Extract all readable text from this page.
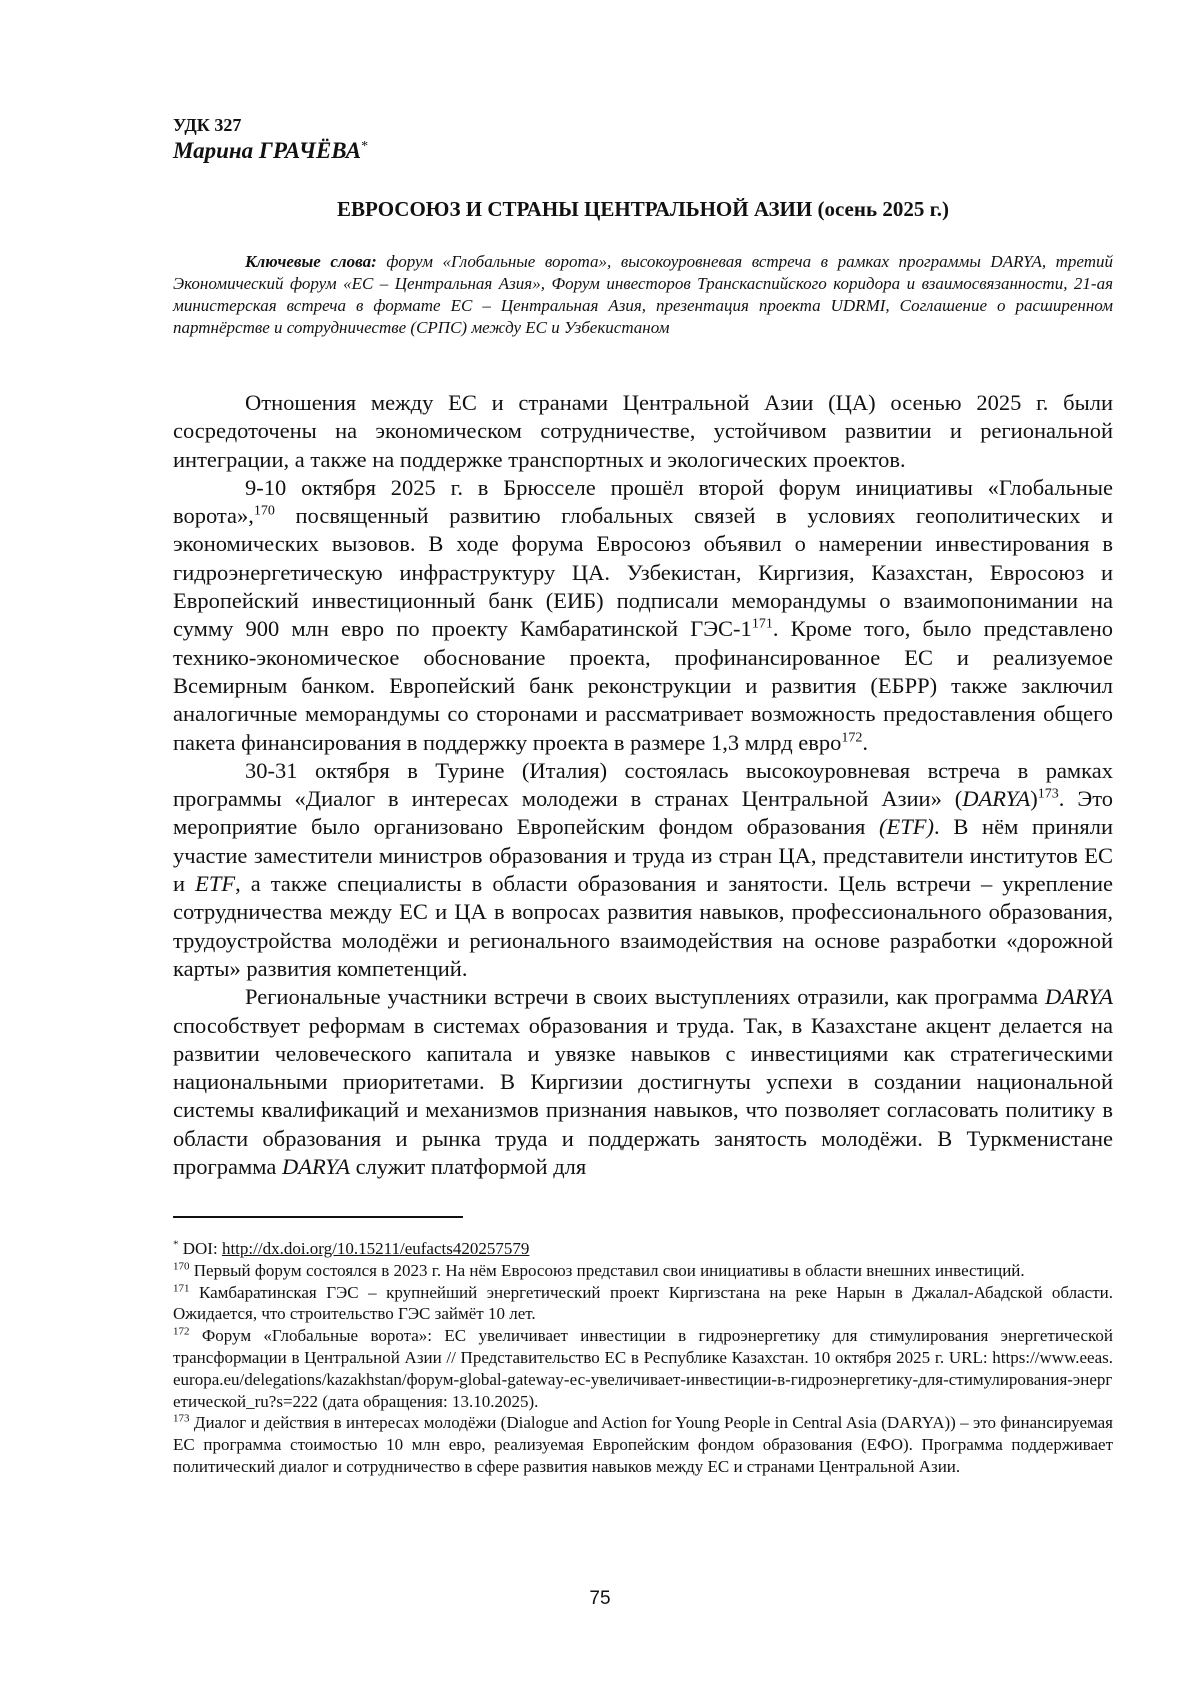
УДК 327
Марина ГРАЧЁВА*
ЕВРОСОЮЗ И СТРАНЫ ЦЕНТРАЛЬНОЙ АЗИИ (осень 2025 г.)
Ключевые слова: форум «Глобальные ворота», высокоуровневая встреча в рамках программы DARYA, третий Экономический форум «ЕС – Центральная Азия», Форум инвесторов Транскаспийского коридора и взаимосвязанности, 21-ая министерская встреча в формате ЕС – Центральная Азия, презентация проекта UDRMI, Соглашение о расширенном партнёрстве и сотрудничестве (СРПС) между ЕС и Узбекистаном

Отношения между ЕС и странами Центральной Азии (ЦА) осенью 2025 г. были сосредоточены на экономическом сотрудничестве, устойчивом развитии и региональной интеграции, а также на поддержке транспортных и экологических проектов.

9-10 октября 2025 г. в Брюсселе прошёл второй форум инициативы «Глобальные ворота»,$^{170}$ посвященный развитию глобальных связей в условиях геополитических и экономических вызовов. В ходе форума Евросоюз объявил о намерении инвестирования в гидроэнергетическую инфраструктуру ЦА. Узбекистан, Киргизия, Казахстан, Евросоюз и Европейский инвестиционный банк (ЕИБ) подписали меморандумы о взаимопонимании на сумму 900 млн евро по проекту Камбаратинской ГЭС-$1^{171}$. Кроме того, было представлено технико-экономическое обоснование проекта, профинансированное ЕС и реализуемое Всемирным банком. Европейский банк реконструкции и развития (ЕБРР) также заключил аналогичные меморандумы со сторонами и рассматривает возможность предоставления общего пакета финансирования в поддержку проекта в размере 1,3 млрд евро$^{172}$.

30-31 октября в Турине (Италия) состоялась высокоуровневая встреча в рамках программы «Диалог в интересах молодежи в странах Центральной Азии» (DARYA)$^{173}$. Это мероприятие было организовано Европейским фондом образования (ETF). В нём приняли участие заместители министров образования и труда из стран ЦА, представители институтов ЕС и ETF, а также специалисты в области образования и занятости. Цель встречи – укрепление сотрудничества между ЕС и ЦА в вопросах развития навыков, профессионального образования, трудоустройства молодёжи и регионального взаимодействия на основе разработки «дорожной карты» развития компетенций.

Региональные участники встречи в своих выступлениях отразили, как программа DARYA способствует реформам в системах образования и труда. Так, в Казахстане акцент делается на развитии человеческого капитала и увязке навыков с инвестициями как стратегическими национальными приоритетами. В Киргизии достигнуты успехи в создании национальной системы квалификаций и механизмов признания навыков, что позволяет согласовать политику в области образования и рынка труда и поддержать занятость молодёжи. В Туркменистане программа DARYA служит платформой для

* DOI: http://dx.doi.org/10.15211/eufacts420257579

$^{170}$ Первый форум состоялся в 2023 г. На нём Евросоюз представил свои инициативы в области внешних инвестиций.

$^{171}$ Камбаратинская ГЭС – крупнейший энергетический проект Киргизстана на реке Нарын в Джалал-Абадской области. Ожидается, что строительство ГЭС займёт 10 лет.

$^{172}$ Форум «Глобальные ворота»: ЕС увеличивает инвестиции в гидроэнергетику для стимулирования энергетической трансформации в Центральной Азии // Представительство ЕС в Республике Казахстан. 10 октября 2025 г. URL: https://www.eeas.europa.eu/delegations/kazakhstan/форум-global-gateway-ес-увеличивает-инвестиции-в-гидроэнергетику-для-стимулирования-энергетической_ru?s=222 (дата обращения: 13.10.2025).

$^{173}$ Диалог и действия в интересах молодёжи (Dialogue and Action for Young People in Central Asia (DARYA)) – это финансируемая ЕС программа стоимостью 10 млн евро, реализуемая Европейским фондом образования (ЕФО). Программа поддерживает политический диалог и сотрудничество в сфере развития навыков между ЕС и странами Центральной Азии.

75
